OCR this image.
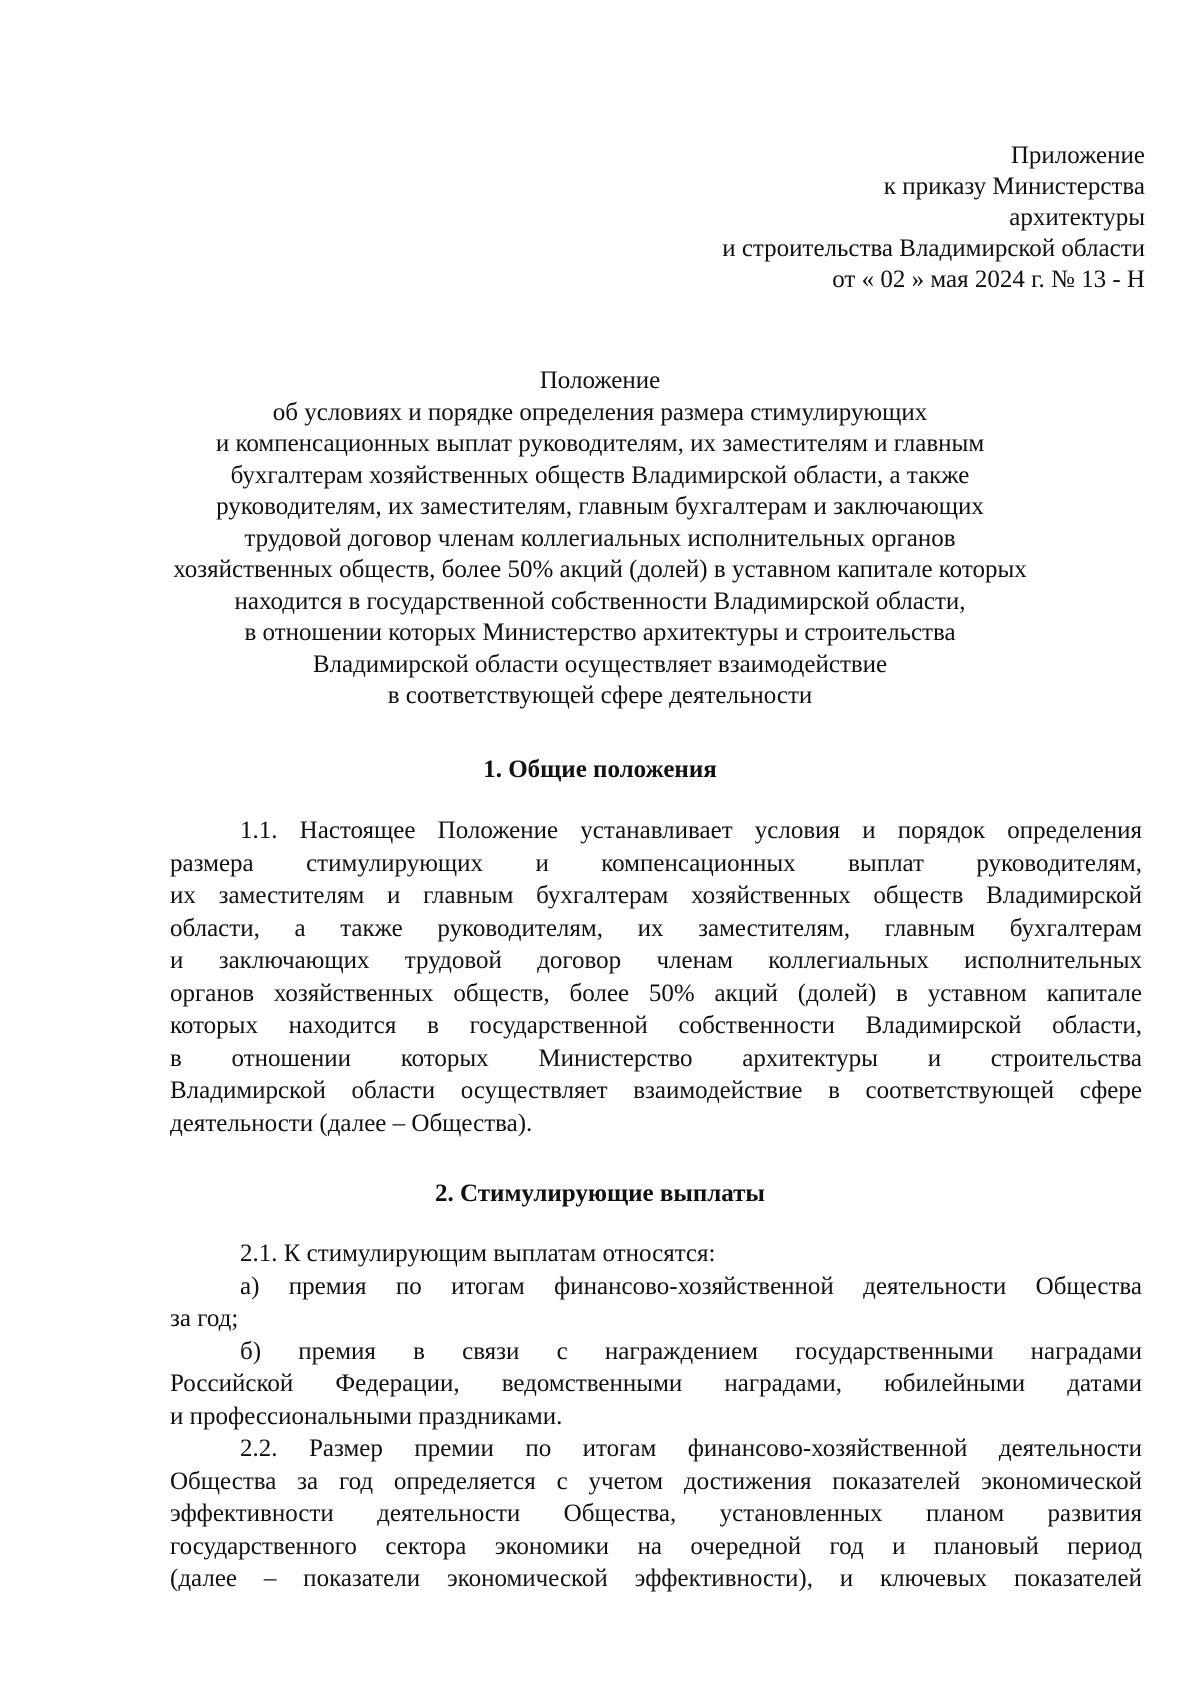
Приложение
к приказу Министерства
архитектуры
и строительства Владимирской области
от « 02 » мая 2024 г. № 13 - Н
Положение
об условиях и порядке определения размера стимулирующих
и компенсационных выплат руководителям, их заместителям и главным
бухгалтерам хозяйственных обществ Владимирской области, а также
руководителям, их заместителям, главным бухгалтерам и заключающих
трудовой договор членам коллегиальных исполнительных органов
хозяйственных обществ, более 50% акций (долей) в уставном капитале которых
находится в государственной собственности Владимирской области,
в отношении которых Министерство архитектуры и строительства
Владимирской области осуществляет взаимодействие
в соответствующей сфере деятельности
1. Общие положения
1.1. Настоящее Положение устанавливает условия и порядок определения
размера стимулирующих и компенсационных выплат руководителям,
их заместителям и главным бухгалтерам хозяйственных обществ Владимирской
области, а также руководителям, их заместителям, главным бухгалтерам
и заключающих трудовой договор членам коллегиальных исполнительных
органов хозяйственных обществ, более 50% акций (долей) в уставном капитале
которых находится в государственной собственности Владимирской области,
в отношении которых Министерство архитектуры и строительства
Владимирской области осуществляет взаимодействие в соответствующей сфере
деятельности (далее – Общества).
2. Стимулирующие выплаты
2.1. К стимулирующим выплатам относятся:
а) премия по итогам финансово-хозяйственной деятельности Общества
за год;
б) премия в связи с награждением государственными наградами
Российской Федерации, ведомственными наградами, юбилейными датами
и профессиональными праздниками.
2.2. Размер премии по итогам финансово-хозяйственной деятельности
Общества за год определяется с учетом достижения показателей экономической
эффективности деятельности Общества, установленных планом развития
государственного сектора экономики на очередной год и плановый период
(далее – показатели экономической эффективности), и ключевых показателей
